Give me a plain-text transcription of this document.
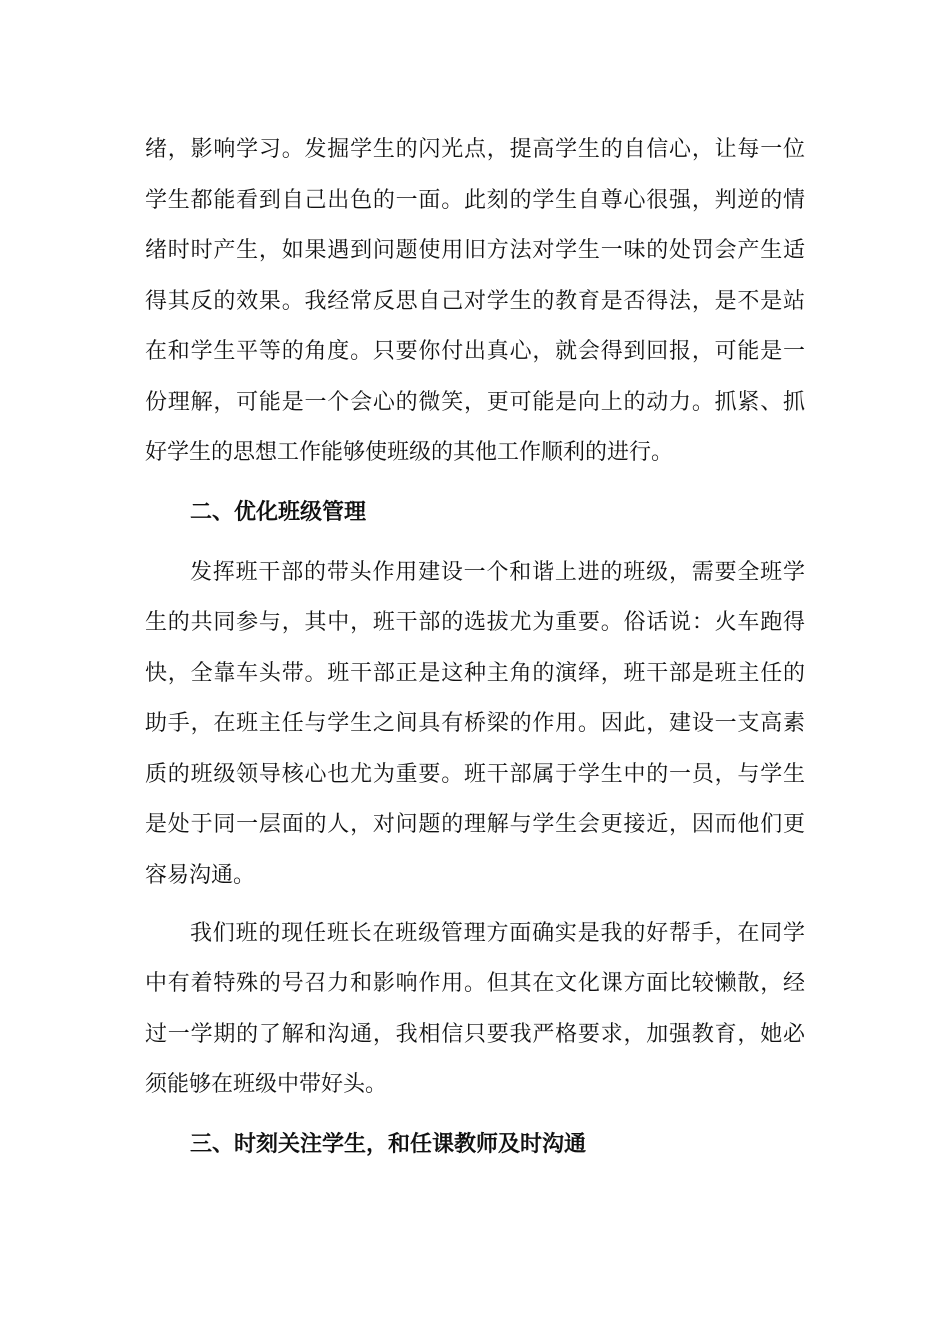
绪，影响学习。发掘学生的闪光点，提高学生的自信心，让每一位
学生都能看到自己出色的一面。此刻的学生自尊心很强，判逆的情
绪时时产生，如果遇到问题使用旧方法对学生一味的处罚会产生适
得其反的效果。我经常反思自己对学生的教育是否得法，是不是站
在和学生平等的角度。只要你付出真心，就会得到回报，可能是一
份理解，可能是一个会心的微笑，更可能是向上的动力。抓紧、抓
好学生的思想工作能够使班级的其他工作顺利的进行。
二、优化班级管理
发挥班干部的带头作用建设一个和谐上进的班级，需要全班学
生的共同参与，其中，班干部的选拔尤为重要。俗话说：火车跑得
快，全靠车头带。班干部正是这种主角的演绎，班干部是班主任的
助手，在班主任与学生之间具有桥梁的作用。因此，建设一支高素
质的班级领导核心也尤为重要。班干部属于学生中的一员，与学生
是处于同一层面的人，对问题的理解与学生会更接近，因而他们更
容易沟通。
我们班的现任班长在班级管理方面确实是我的好帮手，在同学
中有着特殊的号召力和影响作用。但其在文化课方面比较懒散，经
过一学期的了解和沟通，我相信只要我严格要求，加强教育，她必
须能够在班级中带好头。
三、时刻关注学生，和任课教师及时沟通
